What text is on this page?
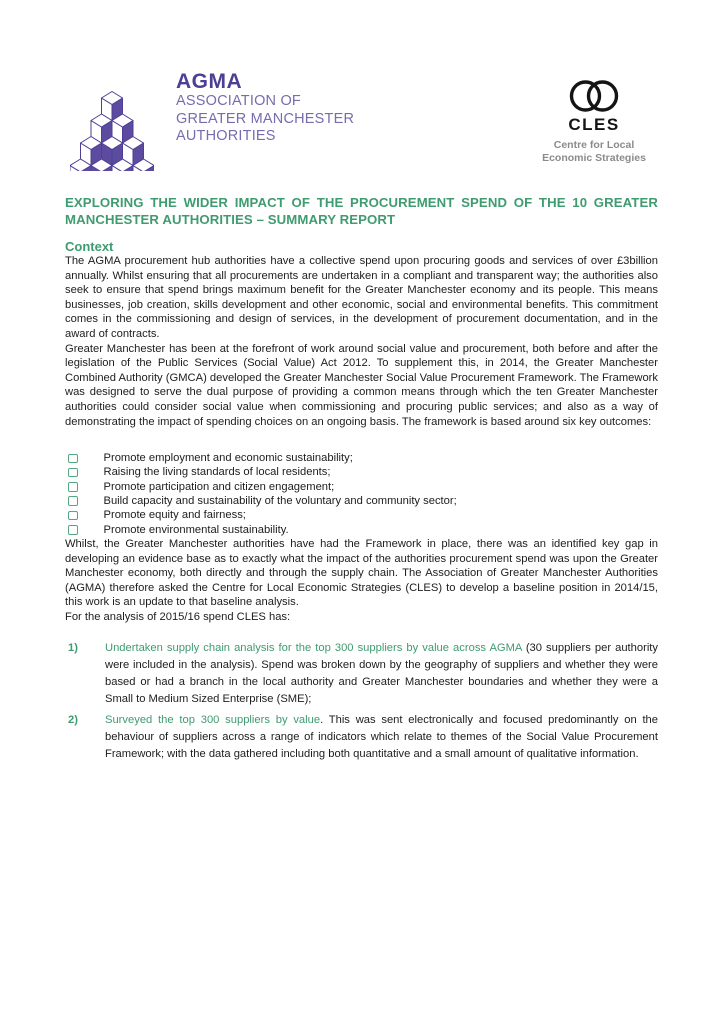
AGMA
ASSOCIATION OF
GREATER MANCHESTER
AUTHORITIES
CLES
Centre for Local
Economic Strategies
EXPLORING THE WIDER IMPACT OF THE PROCUREMENT SPEND OF THE 10 GREATER MANCHESTER AUTHORITIES – SUMMARY REPORT
Context

The AGMA procurement hub authorities have a collective spend upon procuring goods and services of over £3billion annually. Whilst ensuring that all procurements are undertaken in a compliant and transparent way; the authorities also seek to ensure that spend brings maximum benefit for the Greater Manchester economy and its people. This means businesses, job creation, skills development and other economic, social and environmental benefits. This commitment comes in the commissioning and design of services, in the development of procurement documentation, and in the award of contracts.

Greater Manchester has been at the forefront of work around social value and procurement, both before and after the legislation of the Public Services (Social Value) Act 2012. To supplement this, in 2014, the Greater Manchester Combined Authority (GMCA) developed the Greater Manchester Social Value Procurement Framework. The Framework was designed to serve the dual purpose of providing a common means through which the ten Greater Manchester authorities could consider social value when commissioning and procuring public services; and also as a way of demonstrating the impact of spending choices on an ongoing basis. The framework is based around six key outcomes:

Promote employment and economic sustainability;
Raising the living standards of local residents;
Promote participation and citizen engagement;
Build capacity and sustainability of the voluntary and community sector;
Promote equity and fairness;
Promote environmental sustainability.

Whilst, the Greater Manchester authorities have had the Framework in place, there was an identified key gap in developing an evidence base as to exactly what the impact of the authorities procurement spend was upon the Greater Manchester economy, both directly and through the supply chain. The Association of Greater Manchester Authorities (AGMA) therefore asked the Centre for Local Economic Strategies (CLES) to develop a baseline position in 2014/15, this work is an update to that baseline analysis.

For the analysis of 2015/16 spend CLES has:

1)	Undertaken supply chain analysis for the top 300 suppliers by value across AGMA (30 suppliers per authority were included in the analysis). Spend was broken down by the geography of suppliers and whether they were based or had a branch in the local authority and Greater Manchester boundaries and whether they were a Small to Medium Sized Enterprise (SME);
2)	Surveyed the top 300 suppliers by value. This was sent electronically and focused predominantly on the behaviour of suppliers across a range of indicators which relate to themes of the Social Value Procurement Framework; with the data gathered including both quantitative and a small amount of qualitative information.
